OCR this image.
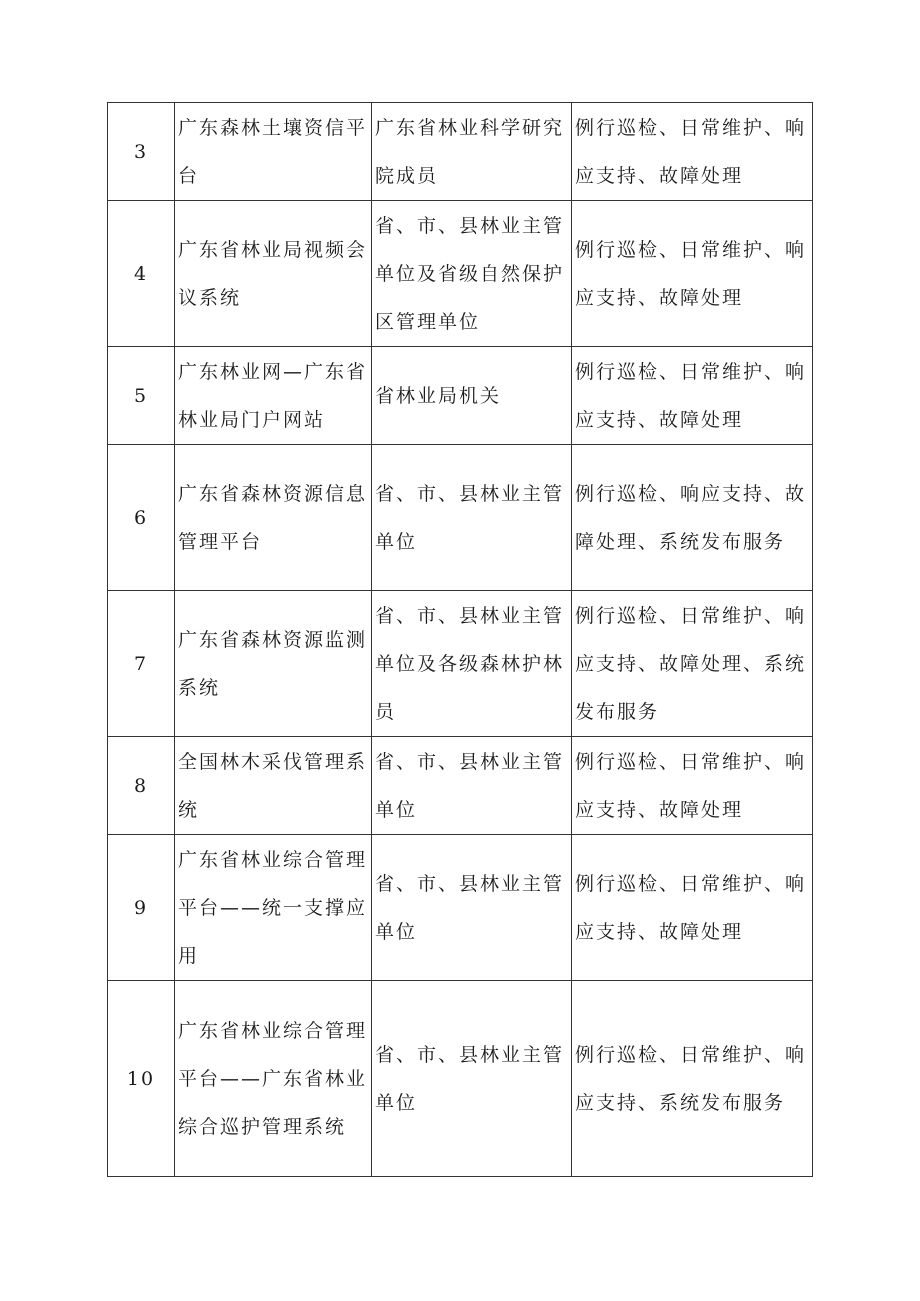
3	广东森林土壤资信平台	广东省林业科学研究院成员	例行巡检、日常维护、响应支持、故障处理
4	广东省林业局视频会议系统	省、市、县林业主管单位及省级自然保护区管理单位	例行巡检、日常维护、响应支持、故障处理
5	广东林业网—广东省林业局门户网站	省林业局机关	例行巡检、日常维护、响应支持、故障处理
6	广东省森林资源信息管理平台	省、市、县林业主管单位	例行巡检、响应支持、故障处理、系统发布服务
7	广东省森林资源监测系统	省、市、县林业主管单位及各级森林护林员	例行巡检、日常维护、响应支持、故障处理、系统发布服务
8	全国林木采伐管理系统	省、市、县林业主管单位	例行巡检、日常维护、响应支持、故障处理
9	广东省林业综合管理平台——统一支撑应用	省、市、县林业主管单位	例行巡检、日常维护、响应支持、故障处理
10	广东省林业综合管理平台——广东省林业综合巡护管理系统	省、市、县林业主管单位	例行巡检、日常维护、响应支持、系统发布服务
